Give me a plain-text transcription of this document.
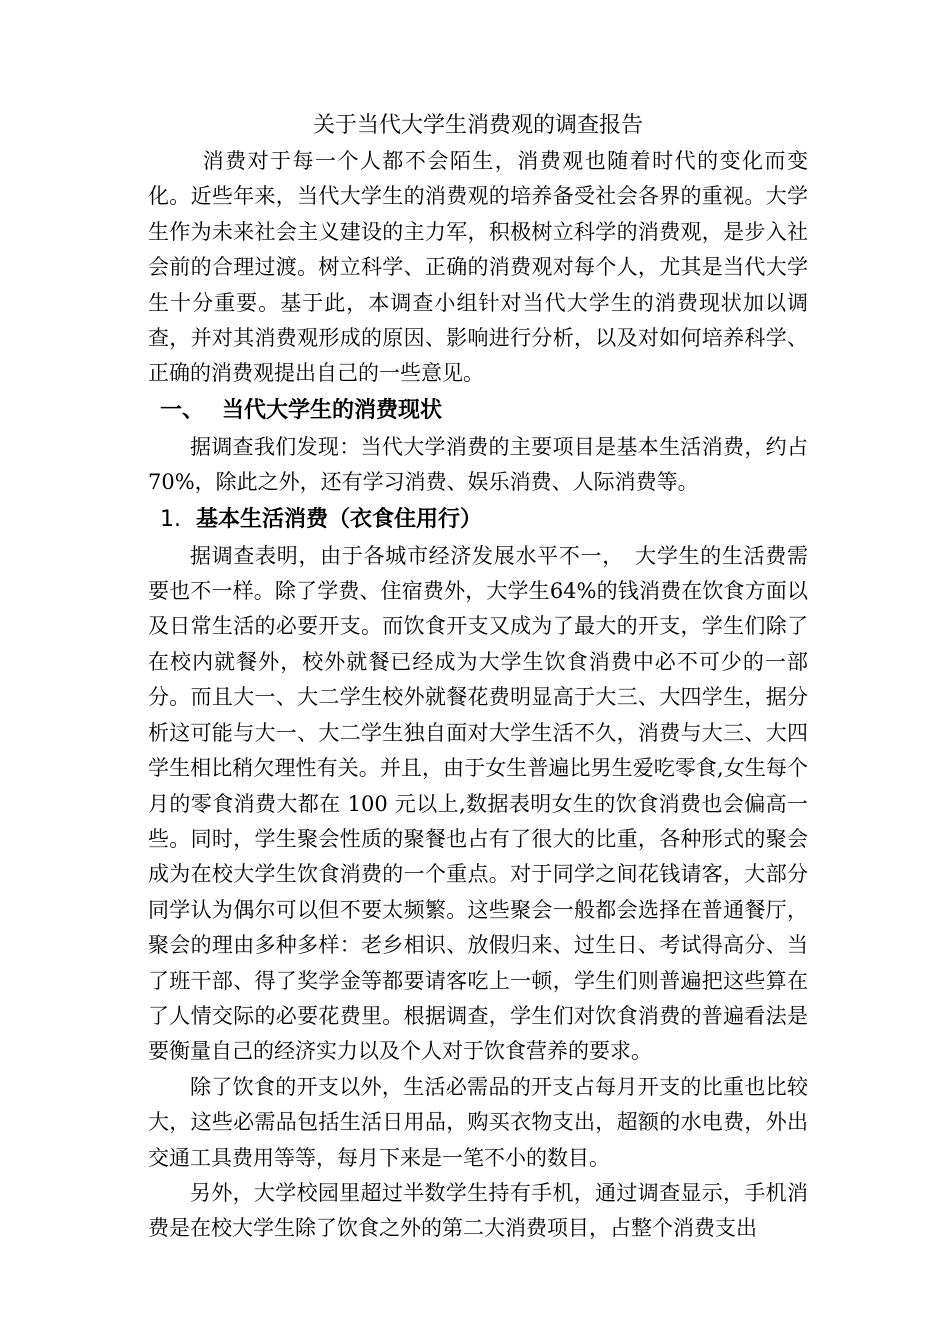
关于当代大学生消费观的调查报告

消费对于每一个人都不会陌生，消费观也随着时代的变化而变化。近些年来，当代大学生的消费观的培养备受社会各界的重视。大学生作为未来社会主义建设的主力军，积极树立科学的消费观，是步入社会前的合理过渡。树立科学、正确的消费观对每个人，尤其是当代大学生十分重要。基于此，本调查小组针对当代大学生的消费现状加以调查，并对其消费观形成的原因、影响进行分析，以及对如何培养科学、正确的消费观提出自己的一些意见。

一、 当代大学生的消费现状

据调查我们发现：当代大学消费的主要项目是基本生活消费，约占70%，除此之外，还有学习消费、娱乐消费、人际消费等。

1. 基本生活消费（衣食住用行）

据调查表明，由于各城市经济发展水平不一，　大学生的生活费需要也不一样。除了学费、住宿费外，大学生64%的钱消费在饮食方面以及日常生活的必要开支。而饮食开支又成为了最大的开支，学生们除了在校内就餐外，校外就餐已经成为大学生饮食消费中必不可少的一部分。而且大一、大二学生校外就餐花费明显高于大三、大四学生，据分析这可能与大一、大二学生独自面对大学生活不久，消费与大三、大四学生相比稍欠理性有关。并且，由于女生普遍比男生爱吃零食,女生每个月的零食消费大都在 100 元以上,数据表明女生的饮食消费也会偏高一些。同时，学生聚会性质的聚餐也占有了很大的比重，各种形式的聚会成为在校大学生饮食消费的一个重点。对于同学之间花钱请客，大部分同学认为偶尔可以但不要太频繁。这些聚会一般都会选择在普通餐厅，聚会的理由多种多样：老乡相识、放假归来、过生日、考试得高分、当了班干部、得了奖学金等都要请客吃上一顿，学生们则普遍把这些算在了人情交际的必要花费里。根据调查，学生们对饮食消费的普遍看法是要衡量自己的经济实力以及个人对于饮食营养的要求。

除了饮食的开支以外，生活必需品的开支占每月开支的比重也比较大，这些必需品包括生活日用品，购买衣物支出，超额的水电费，外出交通工具费用等等，每月下来是一笔不小的数目。

另外，大学校园里超过半数学生持有手机，通过调查显示，手机消费是在校大学生除了饮食之外的第二大消费项目，占整个消费支出
